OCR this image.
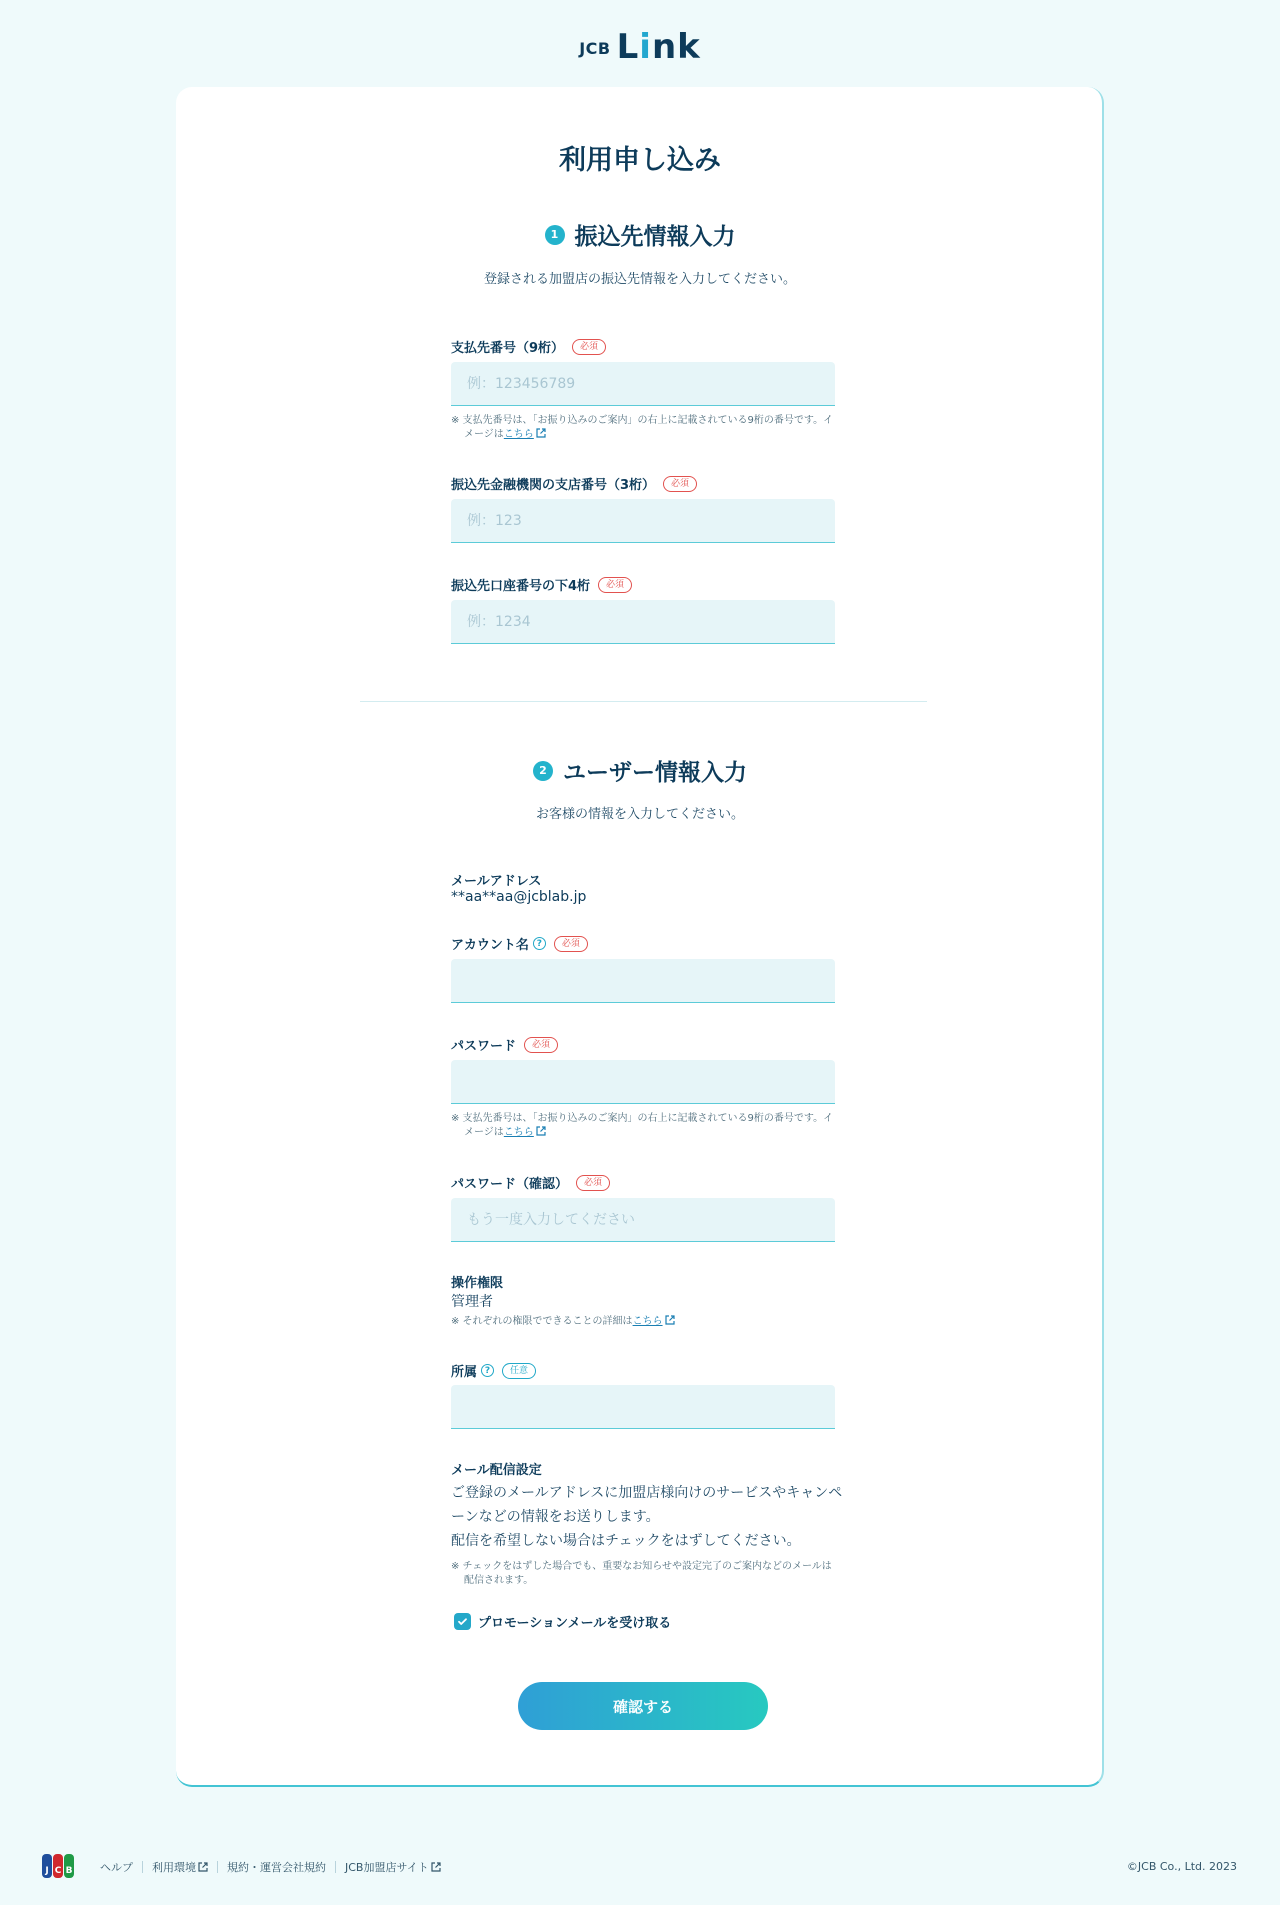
JCB Link
利用申し込み
1 振込先情報入力
登録される加盟店の振込先情報を入力してください。
支払先番号（9桁）	必須
例：123456789
※ 支払先番号は、「お振り込みのご案内」の右上に記載されている9桁の番号です。イメージはこちら
振込先金融機関の支店番号（3桁）	必須
例：123
振込先口座番号の下4桁	必須
例：1234
2 ユーザー情報入力
お客様の情報を入力してください。
メールアドレス
**aa**aa@jcblab.jp
アカウント名 ?	必須
パスワード	必須
※ 支払先番号は、「お振り込みのご案内」の右上に記載されている9桁の番号です。イメージはこちら
パスワード（確認）	必須
操作権限
管理者
※ それぞれの権限でできることの詳細はこちら
所属 ?	任意
メール配信設定
ご登録のメールアドレスに加盟店様向けのサービスやキャンペーンなどの情報をお送りします。
配信を希望しない場合はチェックをはずしてください。
※ チェックをはずした場合でも、重要なお知らせや設定完了のご案内などのメールは配信されます。
プロモーションメールを受け取る
確認する
J C B	ヘルプ 利用環境	規約・運営会社規約 JCB加盟店サイト	©JCB Co., Ltd. 2023
